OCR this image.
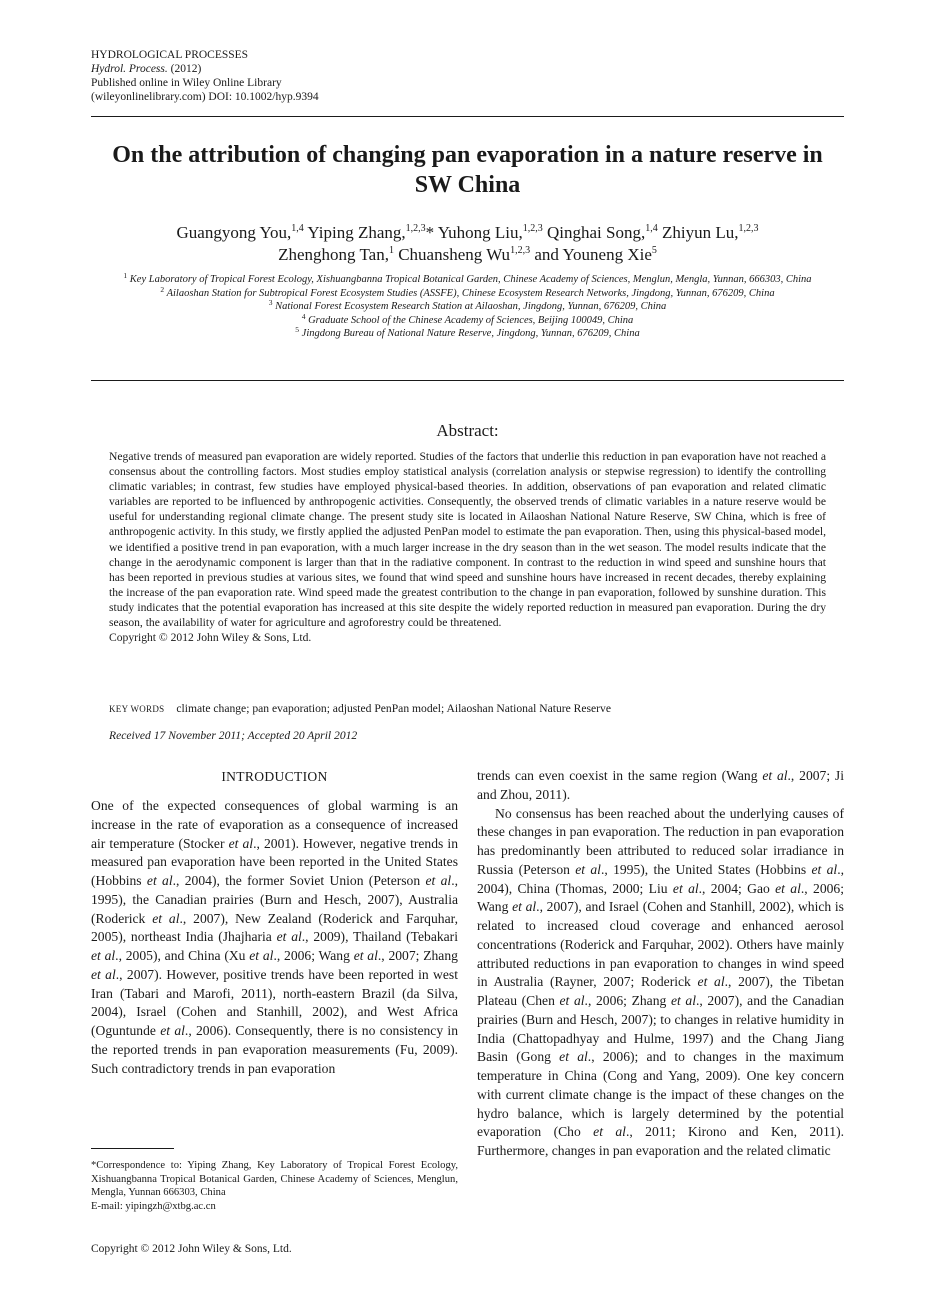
HYDROLOGICAL PROCESSES
Hydrol. Process. (2012)
Published online in Wiley Online Library
(wileyonlinelibrary.com) DOI: 10.1002/hyp.9394
On the attribution of changing pan evaporation in a nature reserve in SW China
Guangyong You,$^{1,4}$ Yiping Zhang,$^{1,2,3}$* Yuhong Liu,$^{1,2,3}$ Qinghai Song,$^{1,4}$ Zhiyun Lu,$^{1,2,3}$
Zhenghong Tan,$^1$ Chuansheng Wu$^{1,2,3}$ and Youneng Xie$^5$
$^1$ Key Laboratory of Tropical Forest Ecology, Xishuangbanna Tropical Botanical Garden, Chinese Academy of Sciences, Menglun, Mengla, Yunnan, 666303, China
$^2$ Ailaoshan Station for Subtropical Forest Ecosystem Studies (ASSFE), Chinese Ecosystem Research Networks, Jingdong, Yunnan, 676209, China
$^3$ National Forest Ecosystem Research Station at Ailaoshan, Jingdong, Yunnan, 676209, China
$^4$ Graduate School of the Chinese Academy of Sciences, Beijing 100049, China
$^5$ Jingdong Bureau of National Nature Reserve, Jingdong, Yunnan, 676209, China
Abstract:
Negative trends of measured pan evaporation are widely reported. Studies of the factors that underlie this reduction in pan evaporation have not reached a consensus about the controlling factors. Most studies employ statistical analysis (correlation analysis or stepwise regression) to identify the controlling climatic variables; in contrast, few studies have employed physical-based theories. In addition, observations of pan evaporation and related climatic variables are reported to be influenced by anthropogenic activities. Consequently, the observed trends of climatic variables in a nature reserve would be useful for understanding regional climate change. The present study site is located in Ailaoshan National Nature Reserve, SW China, which is free of anthropogenic activity. In this study, we firstly applied the adjusted PenPan model to estimate the pan evaporation. Then, using this physical-based model, we identified a positive trend in pan evaporation, with a much larger increase in the dry season than in the wet season. The model results indicate that the change in the aerodynamic component is larger than that in the radiative component. In contrast to the reduction in wind speed and sunshine hours that has been reported in previous studies at various sites, we found that wind speed and sunshine hours have increased in recent decades, thereby explaining the increase of the pan evaporation rate. Wind speed made the greatest contribution to the change in pan evaporation, followed by sunshine duration. This study indicates that the potential evaporation has increased at this site despite the widely reported reduction in measured pan evaporation. During the dry season, the availability of water for agriculture and agroforestry could be threatened.
Copyright © 2012 John Wiley & Sons, Ltd.
KEY WORDS climate change; pan evaporation; adjusted PenPan model; Ailaoshan National Nature Reserve
Received 17 November 2011; Accepted 20 April 2012
INTRODUCTION

One of the expected consequences of global warming is an increase in the rate of evaporation as a consequence of increased air temperature (Stocker et al., 2001). However, negative trends in measured pan evaporation have been reported in the United States (Hobbins et al., 2004), the former Soviet Union (Peterson et al., 1995), the Canadian prairies (Burn and Hesch, 2007), Australia (Roderick et al., 2007), New Zealand (Roderick and Farquhar, 2005), northeast India (Jhajharia et al., 2009), Thailand (Tebakari et al., 2005), and China (Xu et al., 2006; Wang et al., 2007; Zhang et al., 2007). However, positive trends have been reported in west Iran (Tabari and Marofi, 2011), north-eastern Brazil (da Silva, 2004), Israel (Cohen and Stanhill, 2002), and West Africa (Oguntunde et al., 2006). Consequently, there is no consistency in the reported trends in pan evaporation measurements (Fu, 2009). Such contradictory trends in pan evaporation

trends can even coexist in the same region (Wang et al., 2007; Ji and Zhou, 2011).

No consensus has been reached about the underlying causes of these changes in pan evaporation. The reduction in pan evaporation has predominantly been attributed to reduced solar irradiance in Russia (Peterson et al., 1995), the United States (Hobbins et al., 2004), China (Thomas, 2000; Liu et al., 2004; Gao et al., 2006; Wang et al., 2007), and Israel (Cohen and Stanhill, 2002), which is related to increased cloud coverage and enhanced aerosol concentrations (Roderick and Farquhar, 2002). Others have mainly attributed reductions in pan evaporation to changes in wind speed in Australia (Rayner, 2007; Roderick et al., 2007), the Tibetan Plateau (Chen et al., 2006; Zhang et al., 2007), and the Canadian prairies (Burn and Hesch, 2007); to changes in relative humidity in India (Chattopadhyay and Hulme, 1997) and the Chang Jiang Basin (Gong et al., 2006); and to changes in the maximum temperature in China (Cong and Yang, 2009). One key concern with current climate change is the impact of these changes on the hydro balance, which is largely determined by the potential evaporation (Cho et al., 2011; Kirono and Ken, 2011). Furthermore, changes in pan evaporation and the related climatic

*Correspondence to: Yiping Zhang, Key Laboratory of Tropical Forest Ecology, Xishuangbanna Tropical Botanical Garden, Chinese Academy of Sciences, Menglun, Mengla, Yunnan 666303, China

E-mail: yipingzh@xtbg.ac.cn

Copyright © 2012 John Wiley & Sons, Ltd.
